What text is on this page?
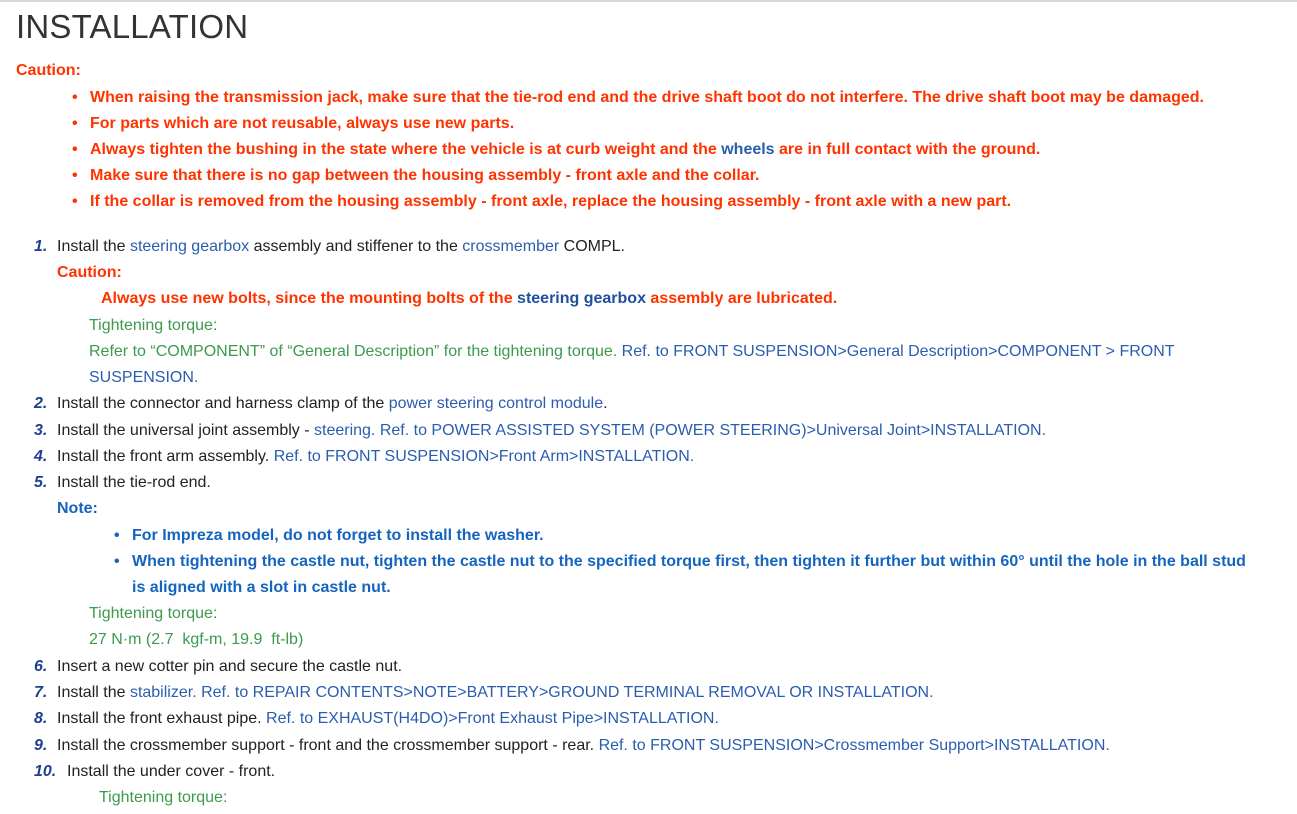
INSTALLATION
Caution:
• When raising the transmission jack, make sure that the tie-rod end and the drive shaft boot do not interfere. The drive shaft boot may be damaged.
• For parts which are not reusable, always use new parts.
• Always tighten the bushing in the state where the vehicle is at curb weight and the wheels are in full contact with the ground.
• Make sure that there is no gap between the housing assembly - front axle and the collar.
• If the collar is removed from the housing assembly - front axle, replace the housing assembly - front axle with a new part.
1. Install the steering gearbox assembly and stiffener to the crossmember COMPL.
Caution:
Always use new bolts, since the mounting bolts of the steering gearbox assembly are lubricated.
Tightening torque:
Refer to “COMPONENT” of “General Description” for the tightening torque. Ref. to FRONT SUSPENSION>General Description>COMPONENT > FRONT
SUSPENSION.
2. Install the connector and harness clamp of the power steering control module.
3. Install the universal joint assembly - steering. Ref. to POWER ASSISTED SYSTEM (POWER STEERING)>Universal Joint>INSTALLATION.
4. Install the front arm assembly. Ref. to FRONT SUSPENSION>Front Arm>INSTALLATION.
5. Install the tie-rod end.
Note:
• For Impreza model, do not forget to install the washer.
• When tightening the castle nut, tighten the castle nut to the specified torque first, then tighten it further but within 60° until the hole in the ball stud
is aligned with a slot in castle nut.
Tightening torque:
27 N·m (2.7  kgf-m, 19.9  ft-lb)
6. Insert a new cotter pin and secure the castle nut.
7. Install the stabilizer. Ref. to REPAIR CONTENTS>NOTE>BATTERY>GROUND TERMINAL REMOVAL OR INSTALLATION.
8. Install the front exhaust pipe. Ref. to EXHAUST(H4DO)>Front Exhaust Pipe>INSTALLATION.
9. Install the crossmember support - front and the crossmember support - rear. Ref. to FRONT SUSPENSION>Crossmember Support>INSTALLATION.
10. Install the under cover - front.
Tightening torque:
